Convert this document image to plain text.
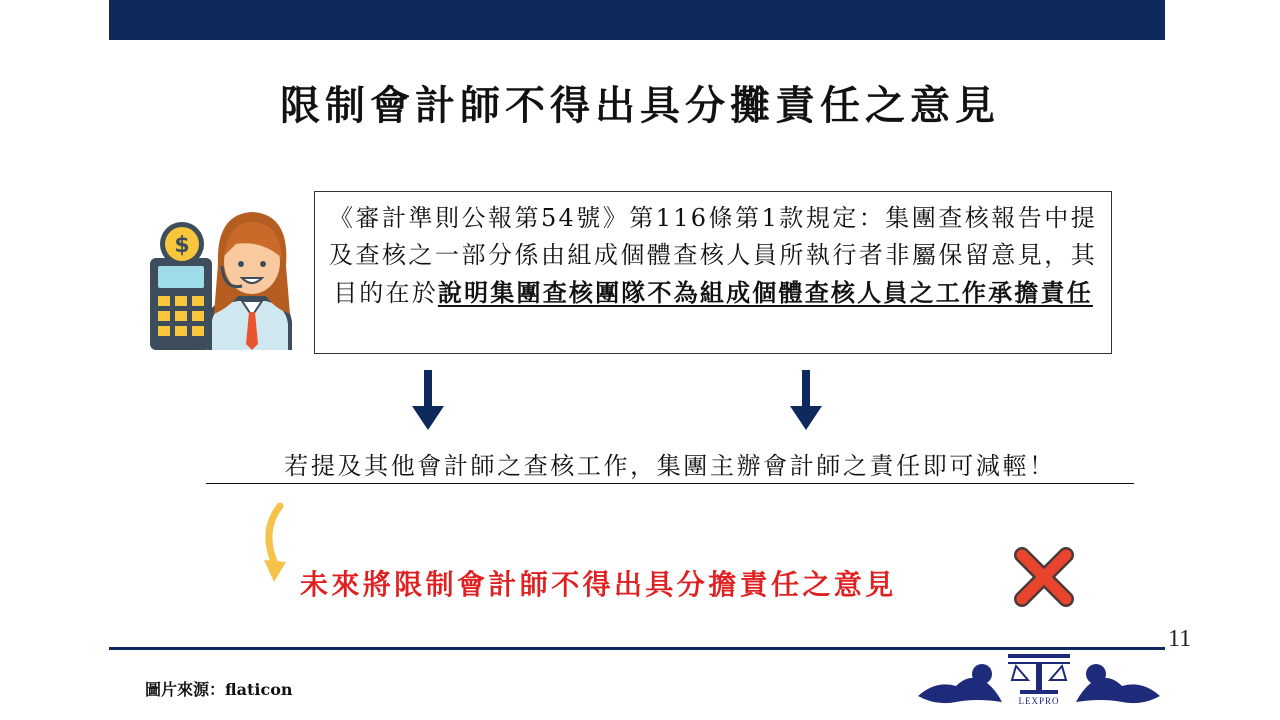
限制會計師不得出具分攤責任之意見
$
《審計準則公報第54號》第116條第1款規定：集團查核報告中提及查核之一部分係由組成個體查核人員所執行者非屬保留意見，其目的在於說明集團查核團隊不為組成個體查核人員之工作承擔責任
若提及其他會計師之查核工作，集團主辦會計師之責任即可減輕！
未來將限制會計師不得出具分擔責任之意見
11
圖片來源：flaticon
LEXPRO
